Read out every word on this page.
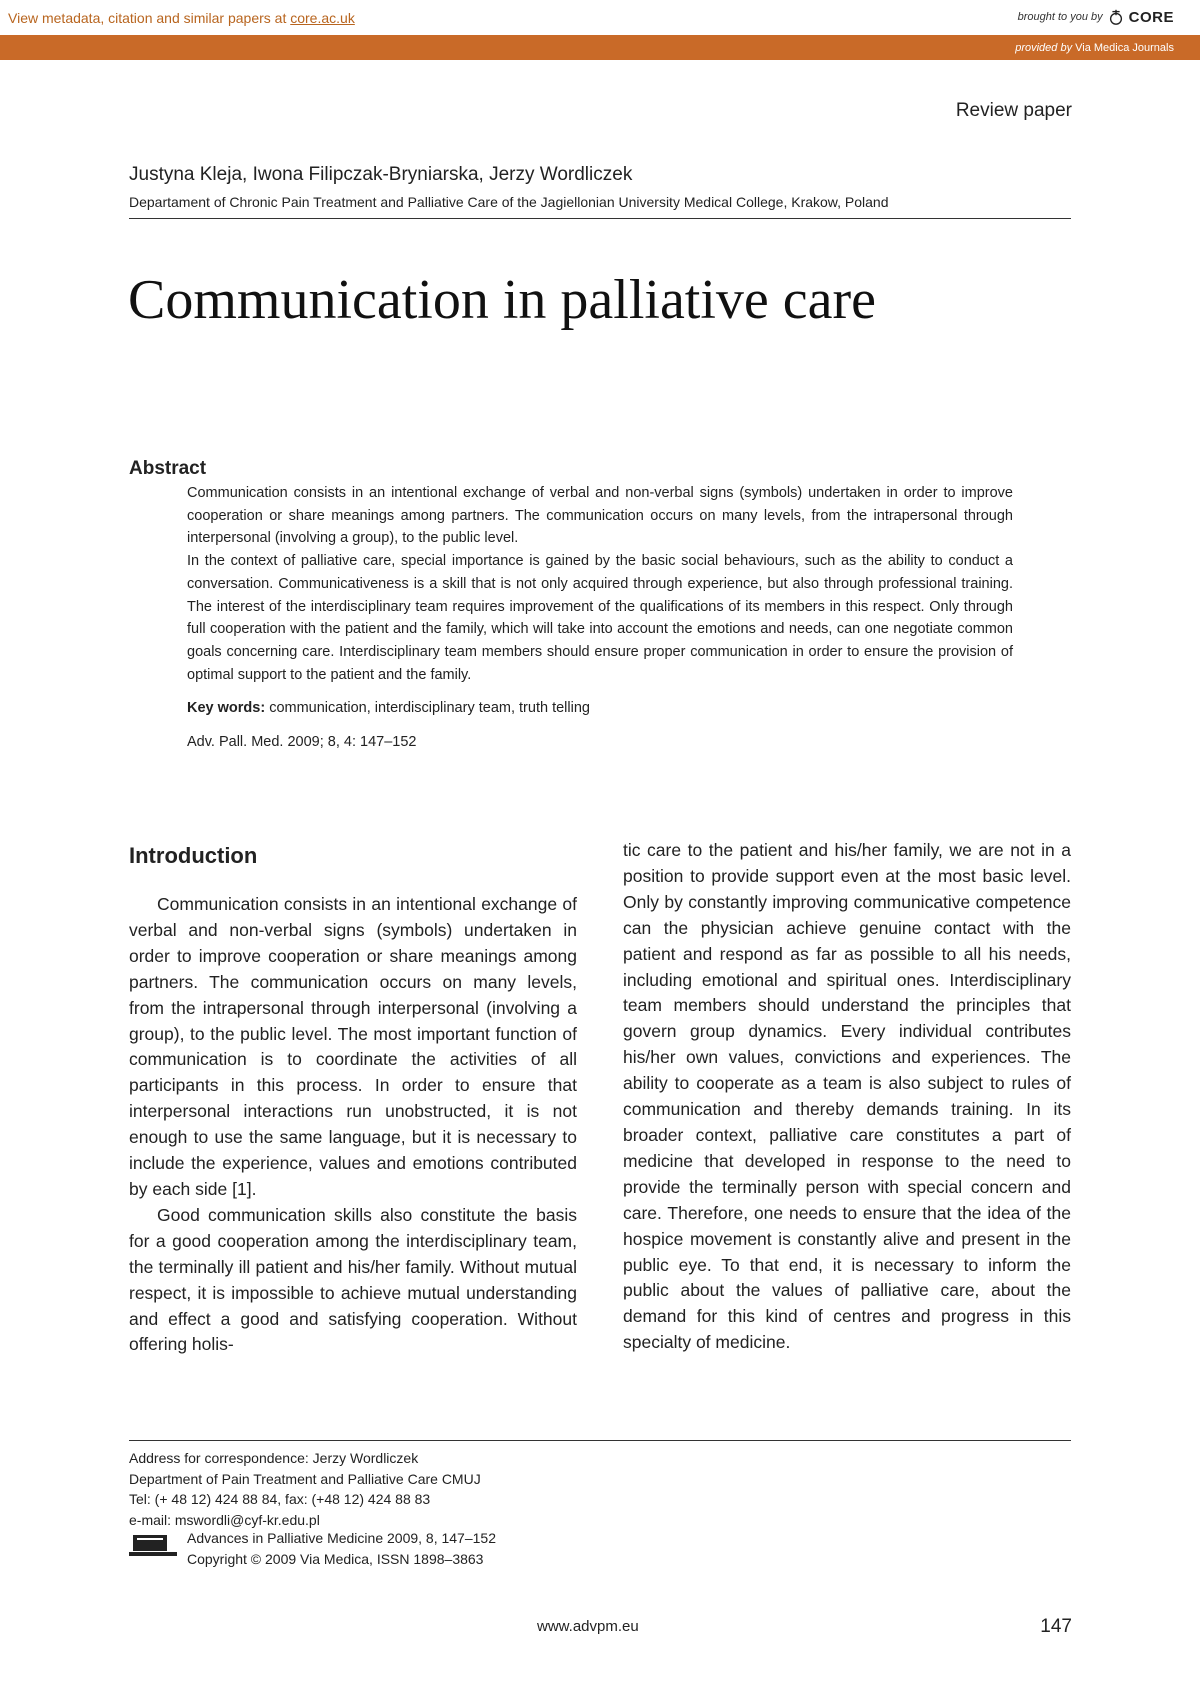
View metadata, citation and similar papers at core.ac.uk	brought to you by CORE
provided by Via Medica Journals
Review paper
Justyna Kleja, Iwona Filipczak-Bryniarska, Jerzy Wordliczek
Departament of Chronic Pain Treatment and Palliative Care of the Jagiellonian University Medical College, Krakow, Poland
Communication in palliative care
Abstract

Communication consists in an intentional exchange of verbal and non-verbal signs (symbols) undertaken in order to improve cooperation or share meanings among partners. The communication occurs on many levels, from the intrapersonal through interpersonal (involving a group), to the public level.

In the context of palliative care, special importance is gained by the basic social behaviours, such as the ability to conduct a conversation. Communicativeness is a skill that is not only acquired through experience, but also through professional training. The interest of the interdisciplinary team requires improvement of the qualifications of its members in this respect. Only through full cooperation with the patient and the family, which will take into account the emotions and needs, can one negotiate common goals concerning care. Interdisciplinary team members should ensure proper communication in order to ensure the provision of optimal support to the patient and the family.

Key words: communication, interdisciplinary team, truth telling

Adv. Pall. Med. 2009; 8, 4: 147–152

Introduction

Communication consists in an intentional exchange of verbal and non-verbal signs (symbols) undertaken in order to improve cooperation or share meanings among partners. The communication occurs on many levels, from the intrapersonal through interpersonal (involving a group), to the public level. The most important function of communication is to coordinate the activities of all participants in this process. In order to ensure that interpersonal interactions run unobstructed, it is not enough to use the same language, but it is necessary to include the experience, values and emotions contributed by each side [1].

Good communication skills also constitute the basis for a good cooperation among the interdisciplinary team, the terminally ill patient and his/her family. Without mutual respect, it is impossible to achieve mutual understanding and effect a good and satisfying cooperation. Without offering holis-

tic care to the patient and his/her family, we are not in a position to provide support even at the most basic level. Only by constantly improving communicative competence can the physician achieve genuine contact with the patient and respond as far as possible to all his needs, including emotional and spiritual ones. Interdisciplinary team members should understand the principles that govern group dynamics. Every individual contributes his/her own values, convictions and experiences. The ability to cooperate as a team is also subject to rules of communication and thereby demands training. In its broader context, palliative care constitutes a part of medicine that developed in response to the need to provide the terminally person with special concern and care. Therefore, one needs to ensure that the idea of the hospice movement is constantly alive and present in the public eye. To that end, it is necessary to inform the public about the values of palliative care, about the demand for this kind of centres and progress in this specialty of medicine.

Address for correspondence: Jerzy Wordliczek
Department of Pain Treatment and Palliative Care CMUJ
Tel: (+ 48 12) 424 88 84, fax: (+48 12) 424 88 83
e-mail: mswordli@cyf-kr.edu.pl
Advances in Palliative Medicine 2009, 8, 147–152
Copyright © 2009 Via Medica, ISSN 1898–3863
www.advpm.eu	147
